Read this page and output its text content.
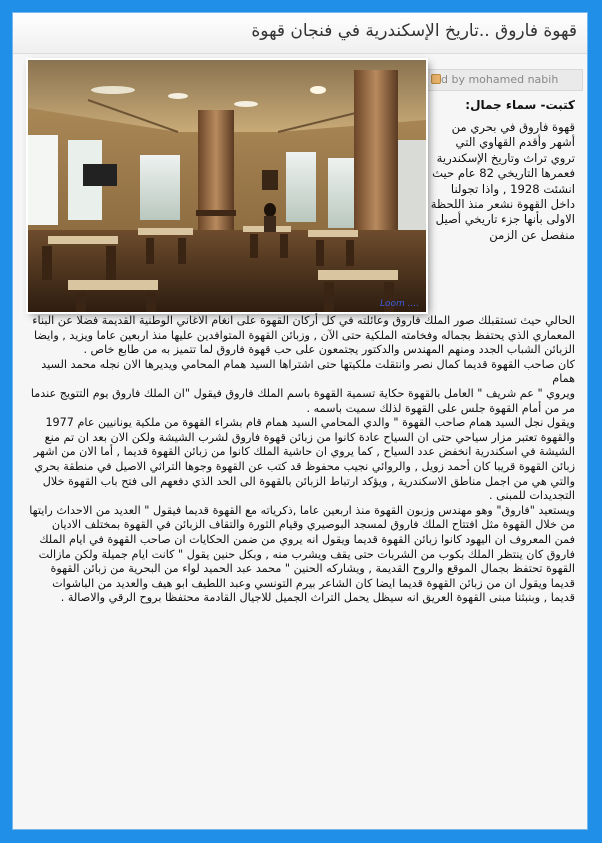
قهوة فاروق ..تاريخ الإسكندرية في فنجان قهوة
d by mohamed nabih
Loom ....

كتبت- سماء جمال:

قهوة فاروق في بحري من أشهر وأقدم القهاوي التي تروي تراث وتاريخ الإسكندرية فعمرها التاريخي 82 عام حيث انشئت 1928 , واذا تجولنا داخل القهوة نشعر منذ اللحظة الاولى بأنها جزء تاريخي أصيل منفصل عن الزمن

الحالي حيث تستقبلك صور الملك فاروق وعائلته في كل أركان القهوة على انغام الاغاني الوطنية القديمة فضلا عن البناء المعماري الذي يحتفظ بجماله وفخامته الملكية حتى الآن , وزبائن القهوة المتوافدين عليها منذ اربعين عاما ويزيد , وايضا الزبائن الشباب الجدد ومنهم المهندس والدكتور يجتمعون على حب قهوة فاروق لما تتميز به من طابع خاص .

كان صاحب القهوة قديما كمال نصر وانتقلت ملكيتها حتى اشتراها السيد همام المحامي ويديرها الان نجله محمد السيد همام

ويروي " عم شريف " العامل بالقهوة حكاية تسمية القهوة باسم الملك فاروق فيقول "ان الملك فاروق يوم التتويج عندما مر من أمام القهوة جلس على القهوة لذلك سميت باسمه .

ويقول نجل السيد همام صاحب القهوة " والدي المحامي السيد همام قام بشراء القهوة من ملكية يونانيين عام 1977 والقهوة تعتبر مزار سياحي حتى ان السياح عادة كانوا من زبائن قهوة فاروق لشرب الشيشة ولكن الان بعد ان تم منع الشيشة في اسكندرية انخفض عدد السياح , كما يروي ان حاشية الملك كانوا من زبائن القهوة قديما , أما الان من اشهر زبائن القهوة قريبا كان أحمد زويل , والروائي نجيب محفوظ قد كتب عن القهوة وجوها التراثي الاصيل في منطقة بحري والتي هي من اجمل مناطق الاسكندرية , ويؤكد ارتباط الزبائن بالقهوة الى الحد الذي دفعهم الى فتح باب القهوة خلال التجديدات للمبنى .

ويستعيد "فاروق" وهو مهندس وزبون القهوة منذ اربعين عاما ,ذكرياته مع القهوة قديما فيقول " العديد من الاحداث رايتها من خلال القهوة مثل افتتاح الملك فاروق لمسجد البوصيري وقيام الثورة والتقاف الزبائن في القهوة بمختلف الاديان فمن المعروف ان اليهود كانوا زبائن القهوة قديما ويقول انه يروي من ضمن الحكايات ان صاحب القهوة في ايام الملك فاروق كان ينتظر الملك بكوب من الشربات حتى يقف ويشرب منه , وبكل حنين يقول " كانت ايام جميلة ولكن مازالت القهوة تحتفظ بجمال الموقع والروح القديمة , ويشاركه الحنين " محمد عبد الحميد لواء من البحرية من زبائن القهوة قديما ويقول ان من زبائن القهوة قديما ايضا كان الشاعر بيرم التونسي وعبد اللطيف ابو هيف والعديد من الباشوات قديما , وبنبثنا مبنى القهوة العريق انه سيظل يحمل التراث الجميل للاجيال القادمة محتفظا بروح الرقي والاصالة .
